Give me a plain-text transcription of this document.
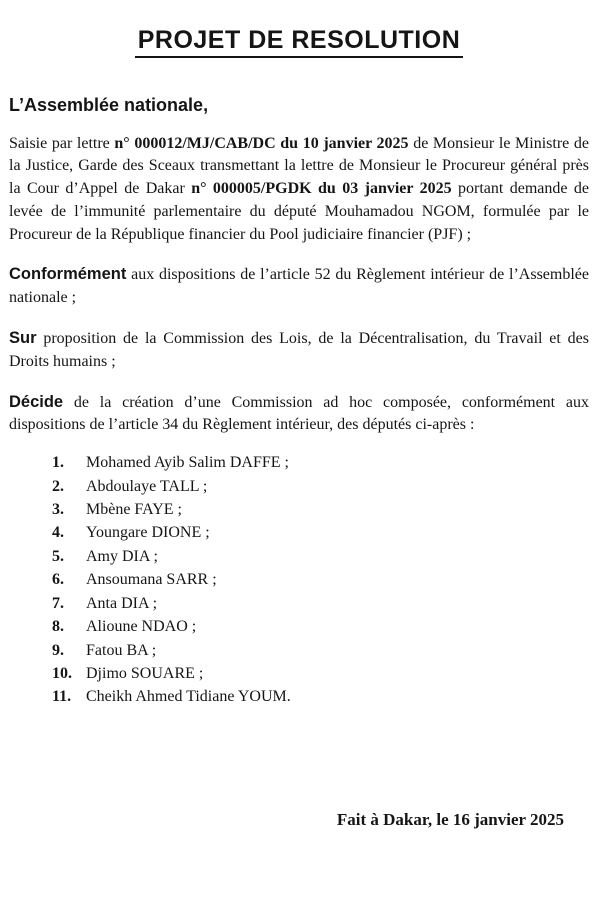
PROJET DE RESOLUTION

L’Assemblée nationale,

Saisie par lettre n° 000012/MJ/CAB/DC du 10 janvier 2025 de Monsieur le Ministre de la Justice, Garde des Sceaux transmettant la lettre de Monsieur le Procureur général près la Cour d’Appel de Dakar n° 000005/PGDK du 03 janvier 2025 portant demande de levée de l’immunité parlementaire du député Mouhamadou NGOM, formulée par le Procureur de la République financier du Pool judiciaire financier (PJF) ;

Conformément aux dispositions de l’article 52 du Règlement intérieur de l’Assemblée nationale ;

Sur proposition de la Commission des Lois, de la Décentralisation, du Travail et des Droits humains ;

Décide de la création d’une Commission ad hoc composée, conformément aux dispositions de l’article 34 du Règlement intérieur, des députés ci-après :

1. Mohamed Ayib Salim DAFFE ;
2. Abdoulaye TALL ;
3. Mbène FAYE ;
4. Youngare DIONE ;
5. Amy DIA ;
6. Ansoumana SARR ;
7. Anta DIA ;
8. Alioune NDAO ;
9. Fatou BA ;
10. Djimo SOUARE ;
11. Cheikh Ahmed Tidiane YOUM.

Fait à Dakar, le 16 janvier 2025
